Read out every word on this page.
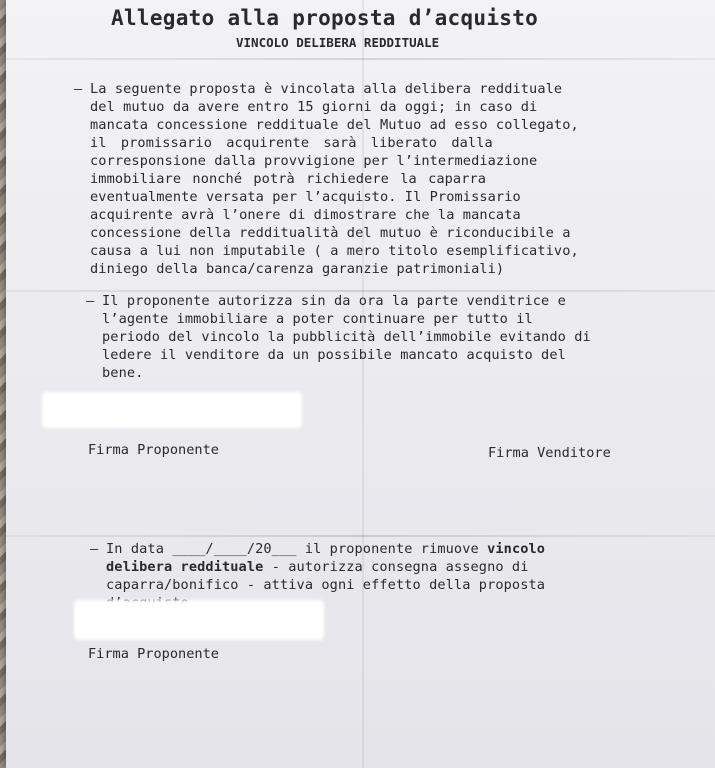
Allegato alla proposta d’acquisto
VINCOLO DELIBERA REDDITUALE
– La seguente proposta è vincolata alla delibera reddituale
del mutuo da avere entro 15 giorni da oggi; in caso di
mancata concessione reddituale del Mutuo ad esso collegato,
il promissario acquirente sarà liberato dalla
corresponsione dalla provvigione per l’intermediazione
immobiliare nonché potrà richiedere la caparra
eventualmente versata per l’acquisto. Il Promissario
acquirente avrà l’onere di dimostrare che la mancata
concessione della redditualità del mutuo è riconducibile a
causa a lui non imputabile ( a mero titolo esemplificativo,
diniego della banca/carenza garanzie patrimoniali)
– Il proponente autorizza sin da ora la parte venditrice e
l’agente immobiliare a poter continuare per tutto il
periodo del vincolo la pubblicità dell’immobile evitando di
ledere il venditore da un possibile mancato acquisto del
bene.
Firma Proponente	Firma Venditore
– In data ____/____/20___ il proponente rimuove vincolo
delibera reddituale - autorizza consegna assegno di
caparra/bonifico - attiva ogni effetto della proposta
Firma Proponente
